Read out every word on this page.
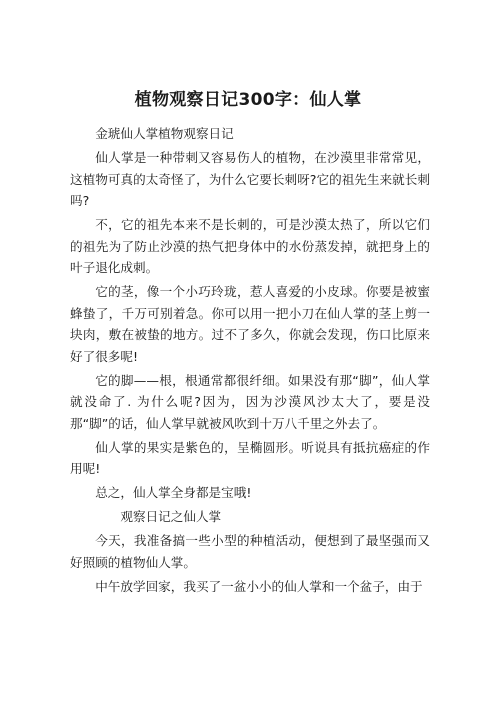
植物观察日记300字：仙人掌

金琥仙人掌植物观察日记

仙人掌是一种带刺又容易伤人的植物，在沙漠里非常常见，这植物可真的太奇怪了，为什么它要长刺呀?它的祖先生来就长刺吗?

不，它的祖先本来不是长刺的，可是沙漠太热了，所以它们的祖先为了防止沙漠的热气把身体中的水份蒸发掉，就把身上的叶子退化成刺。

它的茎，像一个小巧玲珑，惹人喜爱的小皮球。你要是被蜜蜂蛰了，千万可别着急。你可以用一把小刀在仙人掌的茎上剪一块肉，敷在被蛰的地方。过不了多久，你就会发现，伤口比原来好了很多呢!

它的脚——根，根通常都很纤细。如果没有那“脚”，仙人掌就没命了. 为什么呢?因为，因为沙漠风沙太大了，要是没那“脚”的话，仙人掌早就被风吹到十万八千里之外去了。

仙人掌的果实是紫色的，呈椭圆形。听说具有抵抗癌症的作用呢!

总之，仙人掌全身都是宝哦!

观察日记之仙人掌

今天，我准备搞一些小型的种植活动，便想到了最坚强而又好照顾的植物仙人掌。

中午放学回家，我买了一盆小小的仙人掌和一个盆子，由于
